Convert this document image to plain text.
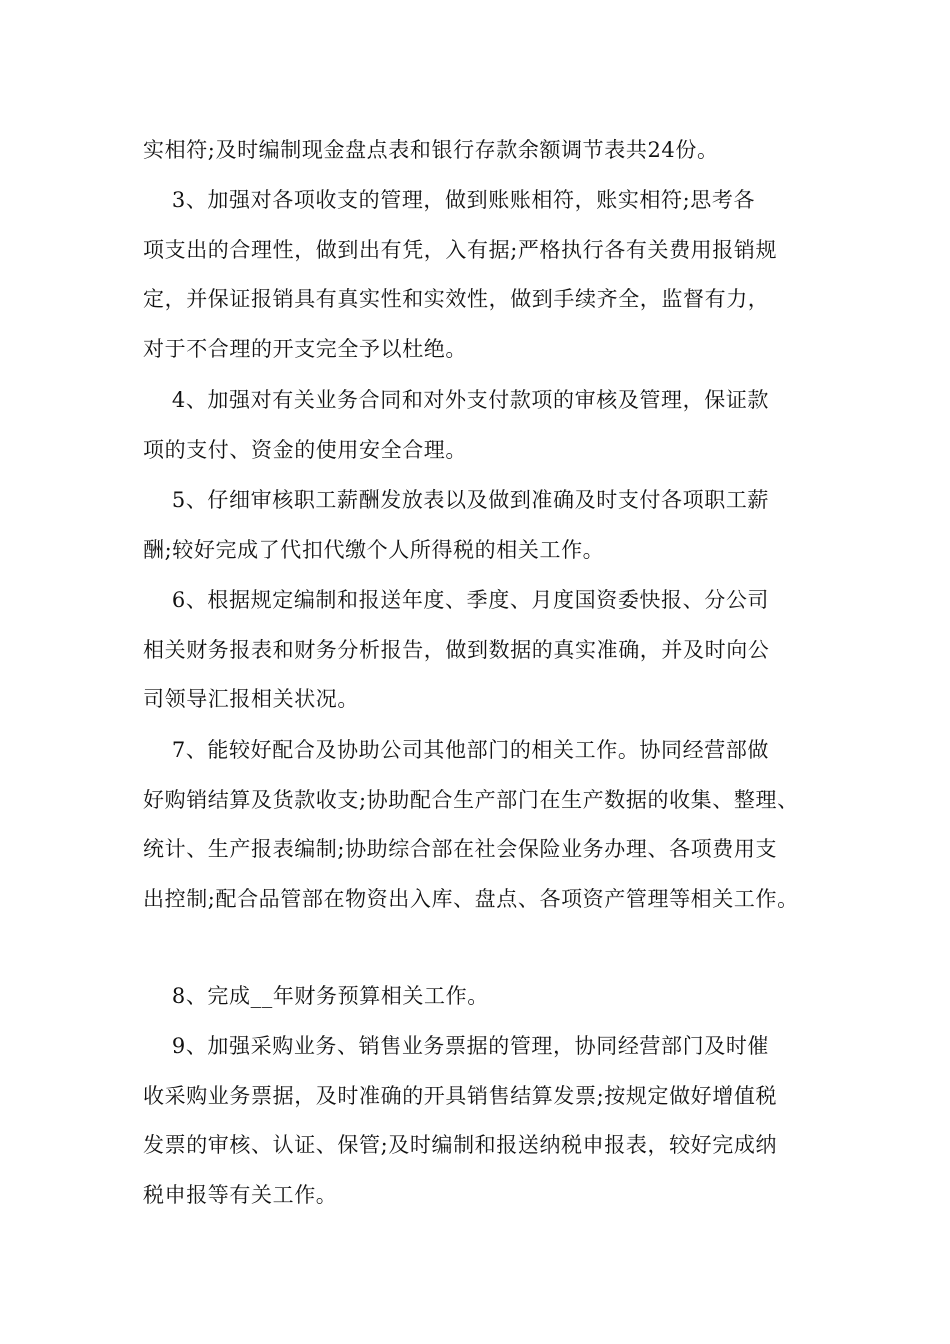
实相符;及时编制现金盘点表和银行存款余额调节表共24份。
　 3、加强对各项收支的管理，做到账账相符，账实相符;思考各
项支出的合理性，做到出有凭，入有据;严格执行各有关费用报销规
定，并保证报销具有真实性和实效性，做到手续齐全，监督有力，
对于不合理的开支完全予以杜绝。
　 4、加强对有关业务合同和对外支付款项的审核及管理，保证款
项的支付、资金的使用安全合理。
　 5、仔细审核职工薪酬发放表以及做到准确及时支付各项职工薪
酬;较好完成了代扣代缴个人所得税的相关工作。
　 6、根据规定编制和报送年度、季度、月度国资委快报、分公司
相关财务报表和财务分析报告，做到数据的真实准确，并及时向公
司领导汇报相关状况。
　 7、能较好配合及协助公司其他部门的相关工作。协同经营部做
好购销结算及货款收支;协助配合生产部门在生产数据的收集、整理、
统计、生产报表编制;协助综合部在社会保险业务办理、各项费用支
出控制;配合品管部在物资出入库、盘点、各项资产管理等相关工作。
　 8、完成__年财务预算相关工作。
　 9、加强采购业务、销售业务票据的管理，协同经营部门及时催
收采购业务票据，及时准确的开具销售结算发票;按规定做好增值税
发票的审核、认证、保管;及时编制和报送纳税申报表，较好完成纳
税申报等有关工作。
